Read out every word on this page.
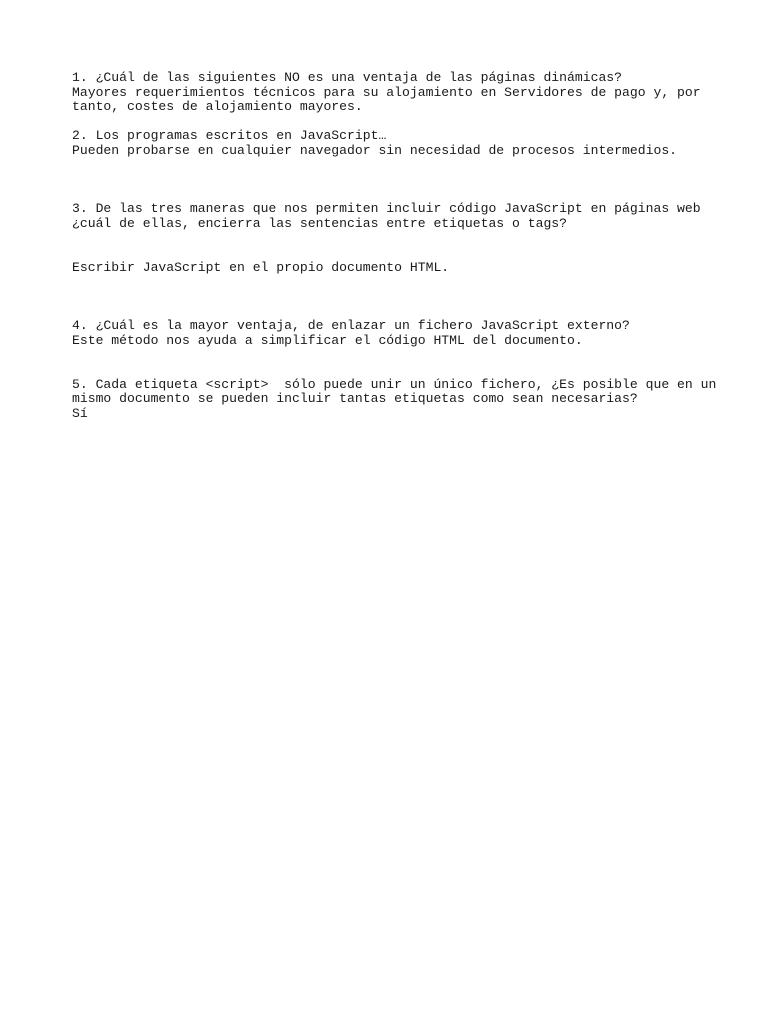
1. ¿Cuál de las siguientes NO es una ventaja de las páginas dinámicas?
Mayores requerimientos técnicos para su alojamiento en Servidores de pago y, por
tanto, costes de alojamiento mayores.
2. Los programas escritos en JavaScript…
Pueden probarse en cualquier navegador sin necesidad de procesos intermedios.
3. De las tres maneras que nos permiten incluir código JavaScript en páginas web
¿cuál de ellas, encierra las sentencias entre etiquetas o tags?
Escribir JavaScript en el propio documento HTML.
4. ¿Cuál es la mayor ventaja, de enlazar un fichero JavaScript externo?
Este método nos ayuda a simplificar el código HTML del documento.
5. Cada etiqueta <script>  sólo puede unir un único fichero, ¿Es posible que en un
mismo documento se pueden incluir tantas etiquetas como sean necesarias?
Sí
